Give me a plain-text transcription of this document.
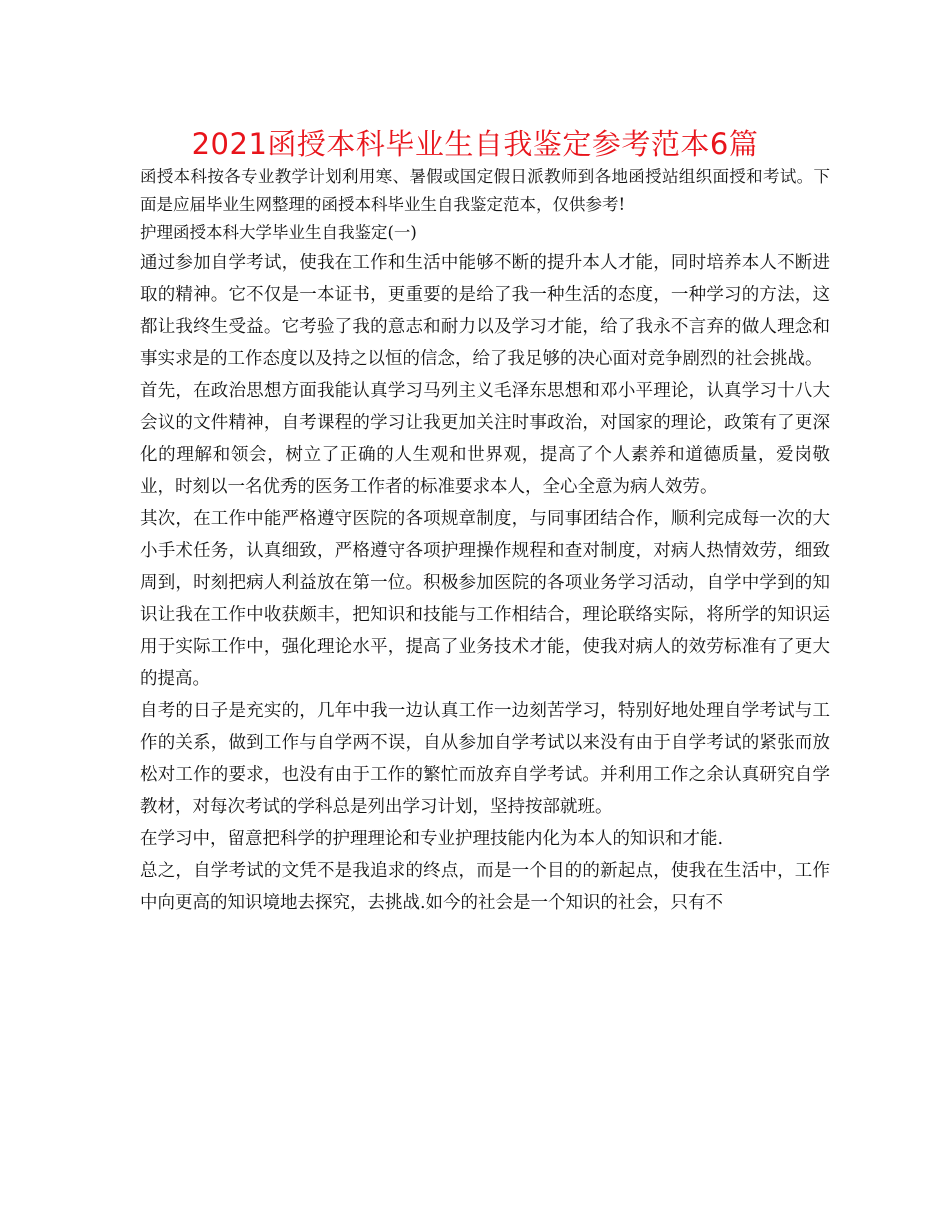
2021函授本科毕业生自我鉴定参考范本6篇

函授本科按各专业教学计划利用寒、暑假或国定假日派教师到各地函授站组织面授和考试。下面是应届毕业生网整理的函授本科毕业生自我鉴定范本，仅供参考!

护理函授本科大学毕业生自我鉴定(一)

通过参加自学考试，使我在工作和生活中能够不断的提升本人才能，同时培养本人不断进取的精神。它不仅是一本证书，更重要的是给了我一种生活的态度，一种学习的方法，这都让我终生受益。它考验了我的意志和耐力以及学习才能，给了我永不言弃的做人理念和事实求是的工作态度以及持之以恒的信念，给了我足够的决心面对竞争剧烈的社会挑战。

首先，在政治思想方面我能认真学习马列主义毛泽东思想和邓小平理论，认真学习十八大会议的文件精神，自考课程的学习让我更加关注时事政治，对国家的理论，政策有了更深化的理解和领会，树立了正确的人生观和世界观，提高了个人素养和道德质量，爱岗敬业，时刻以一名优秀的医务工作者的标准要求本人，全心全意为病人效劳。

其次，在工作中能严格遵守医院的各项规章制度，与同事团结合作，顺利完成每一次的大小手术任务，认真细致，严格遵守各项护理操作规程和查对制度，对病人热情效劳，细致周到，时刻把病人利益放在第一位。积极参加医院的各项业务学习活动，自学中学到的知识让我在工作中收获颇丰，把知识和技能与工作相结合，理论联络实际，将所学的知识运用于实际工作中，强化理论水平，提高了业务技术才能，使我对病人的效劳标准有了更大的提高。

自考的日子是充实的，几年中我一边认真工作一边刻苦学习，特别好地处理自学考试与工作的关系，做到工作与自学两不误，自从参加自学考试以来没有由于自学考试的紧张而放松对工作的要求，也没有由于工作的繁忙而放弃自学考试。并利用工作之余认真研究自学教材，对每次考试的学科总是列出学习计划，坚持按部就班。

在学习中，留意把科学的护理理论和专业护理技能内化为本人的知识和才能.

总之，自学考试的文凭不是我追求的终点，而是一个目的的新起点，使我在生活中，工作中向更高的知识境地去探究，去挑战.如今的社会是一个知识的社会，只有不
